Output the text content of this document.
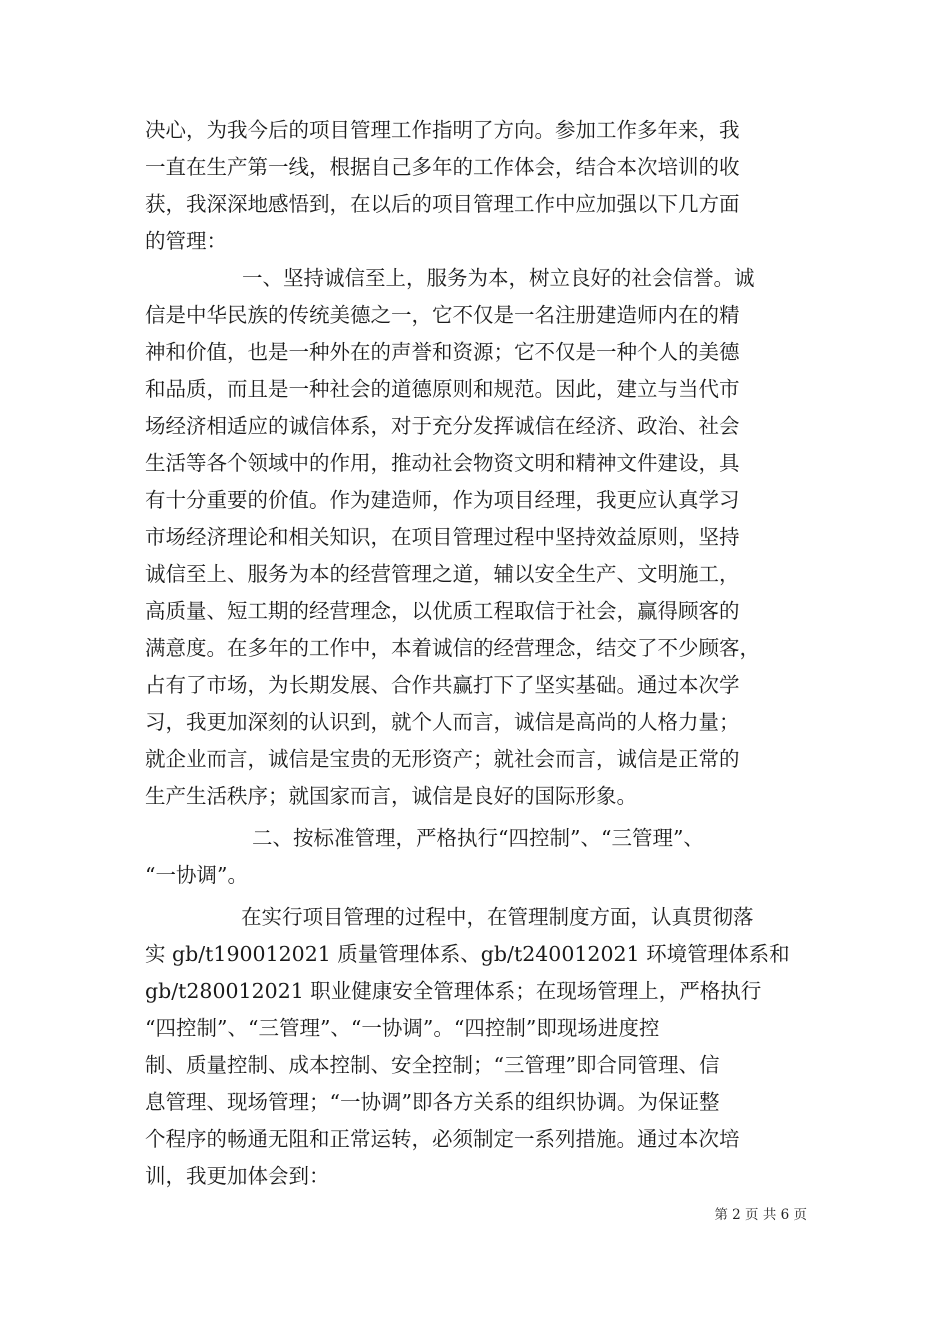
决心，为我今后的项目管理工作指明了方向。参加工作多年来，我
一直在生产第一线，根据自己多年的工作体会，结合本次培训的收
获，我深深地感悟到，在以后的项目管理工作中应加强以下几方面
的管理：
一、坚持诚信至上，服务为本，树立良好的社会信誉。诚
信是中华民族的传统美德之一，它不仅是一名注册建造师内在的精
神和价值，也是一种外在的声誉和资源；它不仅是一种个人的美德
和品质，而且是一种社会的道德原则和规范。因此，建立与当代市
场经济相适应的诚信体系，对于充分发挥诚信在经济、政治、社会
生活等各个领域中的作用，推动社会物资文明和精神文件建设，具
有十分重要的价值。作为建造师，作为项目经理，我更应认真学习
市场经济理论和相关知识，在项目管理过程中坚持效益原则，坚持
诚信至上、服务为本的经营管理之道，辅以安全生产、文明施工，
高质量、短工期的经营理念，以优质工程取信于社会，赢得顾客的
满意度。在多年的工作中，本着诚信的经营理念，结交了不少顾客，
占有了市场，为长期发展、合作共赢打下了坚实基础。通过本次学
习，我更加深刻的认识到，就个人而言，诚信是高尚的人格力量；
就企业而言，诚信是宝贵的无形资产；就社会而言，诚信是正常的
生产生活秩序；就国家而言，诚信是良好的国际形象。
二、按标准管理，严格执行“四控制”、“三管理”、
“一协调”。
在实行项目管理的过程中，在管理制度方面，认真贯彻落
实 gb/t190012021 质量管理体系、gb/t240012021 环境管理体系和
gb/t280012021 职业健康安全管理体系；在现场管理上，严格执行
“四控制”、“三管理”、“一协调”。“四控制”即现场进度控
制、质量控制、成本控制、安全控制；“三管理”即合同管理、信
息管理、现场管理；“一协调”即各方关系的组织协调。为保证整
个程序的畅通无阻和正常运转，必须制定一系列措施。通过本次培
训，我更加体会到：
第 2 页 共 6 页
